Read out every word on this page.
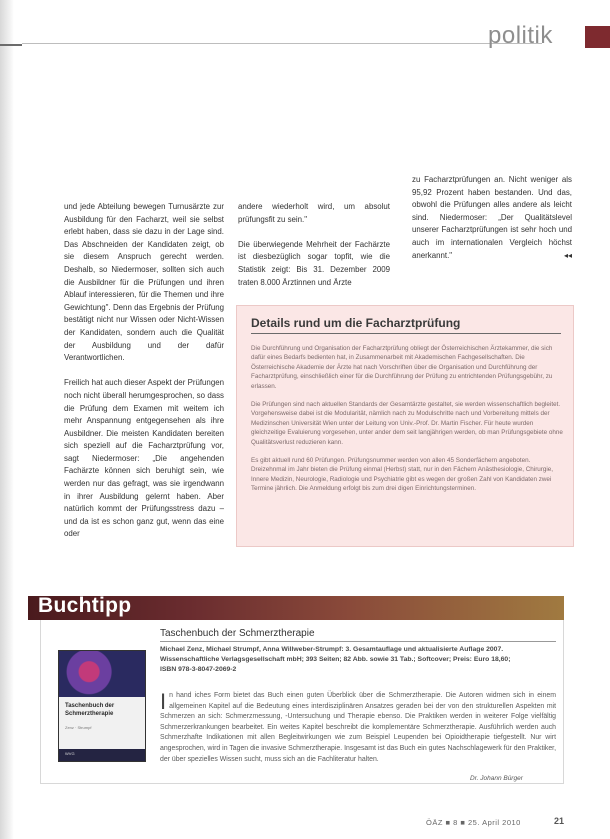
politik

und jede Abteilung bewegen Turnusärzte zur Ausbildung für den Facharzt, weil sie selbst erlebt haben, dass sie dazu in der Lage sind. Das Abschneiden der Kandidaten zeigt, ob sie diesem Anspruch gerecht werden. Deshalb, so Niedermoser, sollten sich auch die Ausbildner für die Prüfungen und ihren Ablauf interessieren, für die Themen und ihre Gewichtung". Denn das Ergebnis der Prüfung bestätigt nicht nur Wissen oder Nicht-Wissen der Kandidaten, sondern auch die Qualität der Ausbildung und der dafür Verantwortlichen.

Freilich hat auch dieser Aspekt der Prüfungen noch nicht überall herumgesprochen, so dass die Prüfung dem Examen mit weitem ich mehr Anspannung entgegensehen als ihre Ausbildner. Die meisten Kandidaten bereiten sich speziell auf die Facharztprüfung vor, sagt Niedermoser: „Die angehenden Fachärzte können sich beruhigt sein, wie werden nur das gefragt, was sie irgendwann in ihrer Ausbildung gelernt haben. Aber natürlich kommt der Prüfungsstress dazu – und da ist es schon ganz gut, wenn das eine oder

andere wiederholt wird, um absolut prüfungsfit zu sein."

Die überwiegende Mehrheit der Fachärzte ist diesbezüglich sogar topfit, wie die Statistik zeigt: Bis 31. Dezember 2009 traten 8.000 Ärztinnen und Ärzte

zu Facharztprüfungen an. Nicht weniger als 95,92 Prozent haben bestanden. Und das, obwohl die Prüfungen alles andere als leicht sind. Niedermoser: „Der Qualitätslevel unserer Facharztprüfungen ist sehr hoch und auch im internationalen Vergleich höchst anerkannt."	◂◂

Details rund um die Facharztprüfung

Die Durchführung und Organisation der Facharztprüfung obliegt der Österreichischen Ärztekammer, die sich dafür eines Bedarfs bedienten hat, in Zusammenarbeit mit Akademischen Fachgesellschaften. Die Österreichische Akademie der Ärzte hat nach Vorschriften über die Organisation und Durchführung der Facharztprüfung, einschließlich einer für die Durchführung der Prüfung zu entrichtenden Prüfungsgebühr, zu erlassen.

Die Prüfungen sind nach aktuellen Standards der Gesamtärzte gestaltet, sie werden wissenschaftlich begleitet. Vorgehensweise dabei ist die Modularität, nämlich nach zu Modulschritte nach und Vorbereitung mittels der Medizinschen Universität Wien unter der Leitung von Univ.-Prof. Dr. Martin Fischer. Für heute wurden gleichzeitige Evaluierung vorgesehen, unter ander dem seit langjährigen werden, ob man Prüfungsgebiete ohne Qualitätsverlust reduzieren kann.

Es gibt aktuell rund 60 Prüfungen. Prüfungsnummer werden von allen 45 Sonderfächern angeboten. Dreizehnmal im Jahr bieten die Prüfung einmal (Herbst) statt, nur in den Fächern Anästhesiologie, Chirurgie, Innere Medizin, Neurologie, Radiologie und Psychiatrie gibt es wegen der großen Zahl von Kandidaten zwei Termine jährlich. Die Anmeldung erfolgt bis zum drei digen Einrichtungsterminen.

Buchtipp
Taschenbuch der Schmerztherapie
Zenz · Strumpf
WVG
Taschenbuch der Schmerztherapie
Michael Zenz, Michael Strumpf, Anna Willweber-Strumpf: 3. Gesamtauflage und aktualisierte Auflage 2007.
Wissenschaftliche Verlagsgesellschaft mbH; 393 Seiten; 82 Abb. sowie 31 Tab.; Softcover; Preis: Euro 18,60;
ISBN 978-3-8047-2069-2
In hand iches Form bietet das Buch einen guten Überblick über die Schmerztherapie. Die Autoren widmen sich in einem allgemeinen Kapitel auf die Bedeutung eines interdisziplinären Ansatzes geraden bei der von den strukturellen Aspekten mit Schmerzen an sich: Schmerzmessung, -Untersuchung und Therapie ebenso. Die Praktiken werden in weiterer Folge vielfältig Schmerzerkrankungen bearbeitet. Ein weites Kapitel beschreibt die komplementäre Schmerztherapie. Ausführlich werden auch Schmerzhafte Indikationen mit allen Begleitwirkungen wie zum Beispiel Leupenden bei Opioidtherapie tiefgestellt. Nur wirt angesprochen, wird in Tagen die invasive Schmerztherapie. Insgesamt ist das Buch ein gutes Nachschlagewerk für den Praktiker, der über spezielles Wissen sucht, muss sich an die Fachliteratur halten.
Dr. Johann Bürger
ÖÄZ ■ 8 ■ 25. April 2010	21
